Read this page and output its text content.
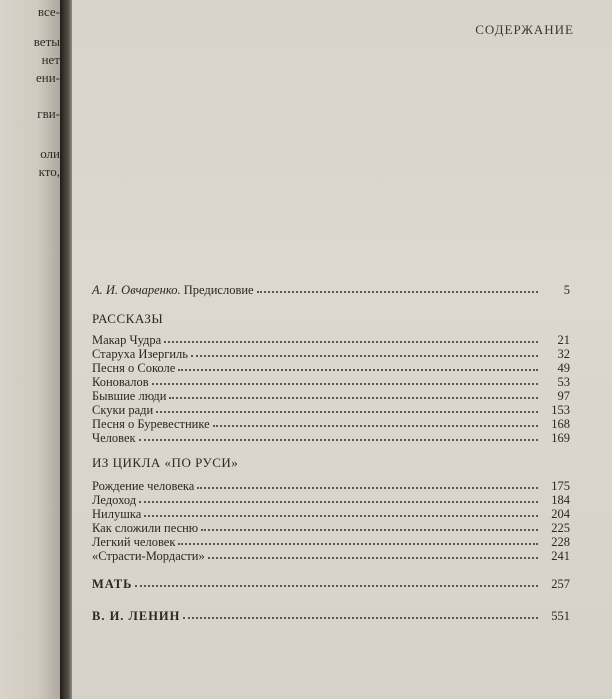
все-
веты
нет
ени-
гви-
оли
кто,
СОДЕРЖАНИЕ
А. И. Овчаренко. Предисловие	5
РАССКАЗЫ
Макар Чудра	21
Старуха Изергиль	32
Песня о Соколе	49
Коновалов	53
Бывшие люди	97
Скуки ради	153
Песня о Буревестнике	168
Человек	169
ИЗ ЦИКЛА «ПО РУСИ»
Рождение человека	175
Ледоход	184
Нилушка	204
Как сложили песню	225
Легкий человек	228
«Страсти-Мордасти»	241
МАТЬ	257
В. И. ЛЕНИН	551
